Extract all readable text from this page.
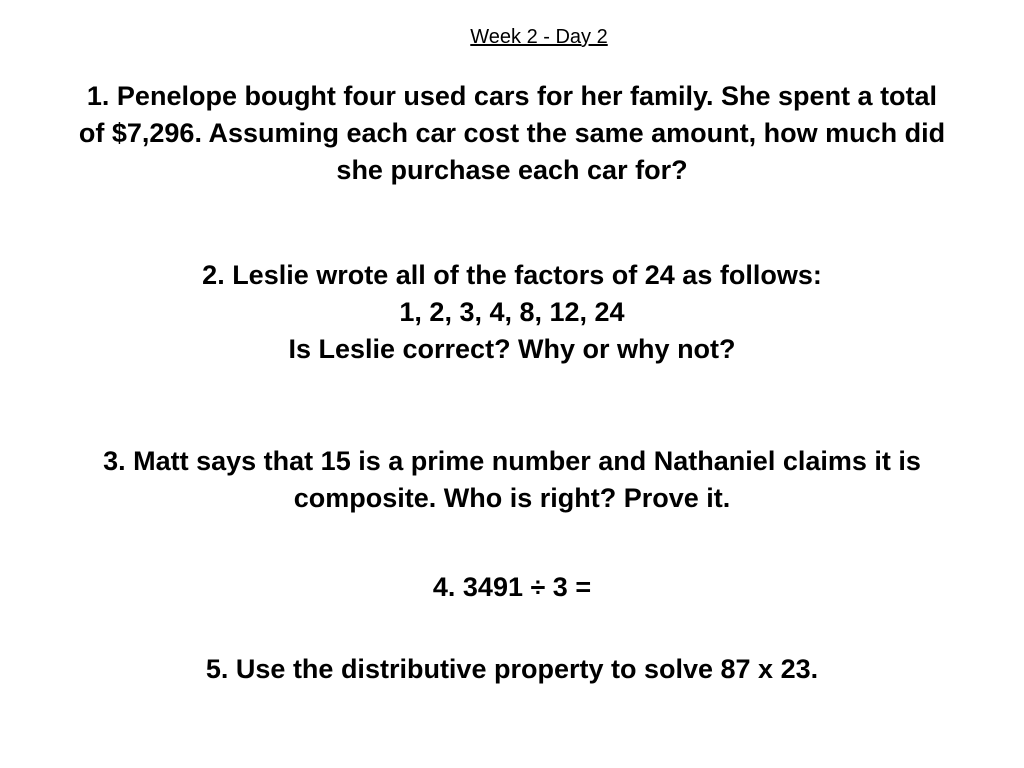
Week 2 - Day 2
1. Penelope bought four used cars for her family. She spent a total
of $7,296. Assuming each car cost the same amount, how much did
she purchase each car for?
2. Leslie wrote all of the factors of 24 as follows:
1, 2, 3, 4, 8, 12, 24
Is Leslie correct? Why or why not?
3. Matt says that 15 is a prime number and Nathaniel claims it is
composite. Who is right? Prove it.
4. 3491 ÷ 3 =
5. Use the distributive property to solve 87 x 23.
